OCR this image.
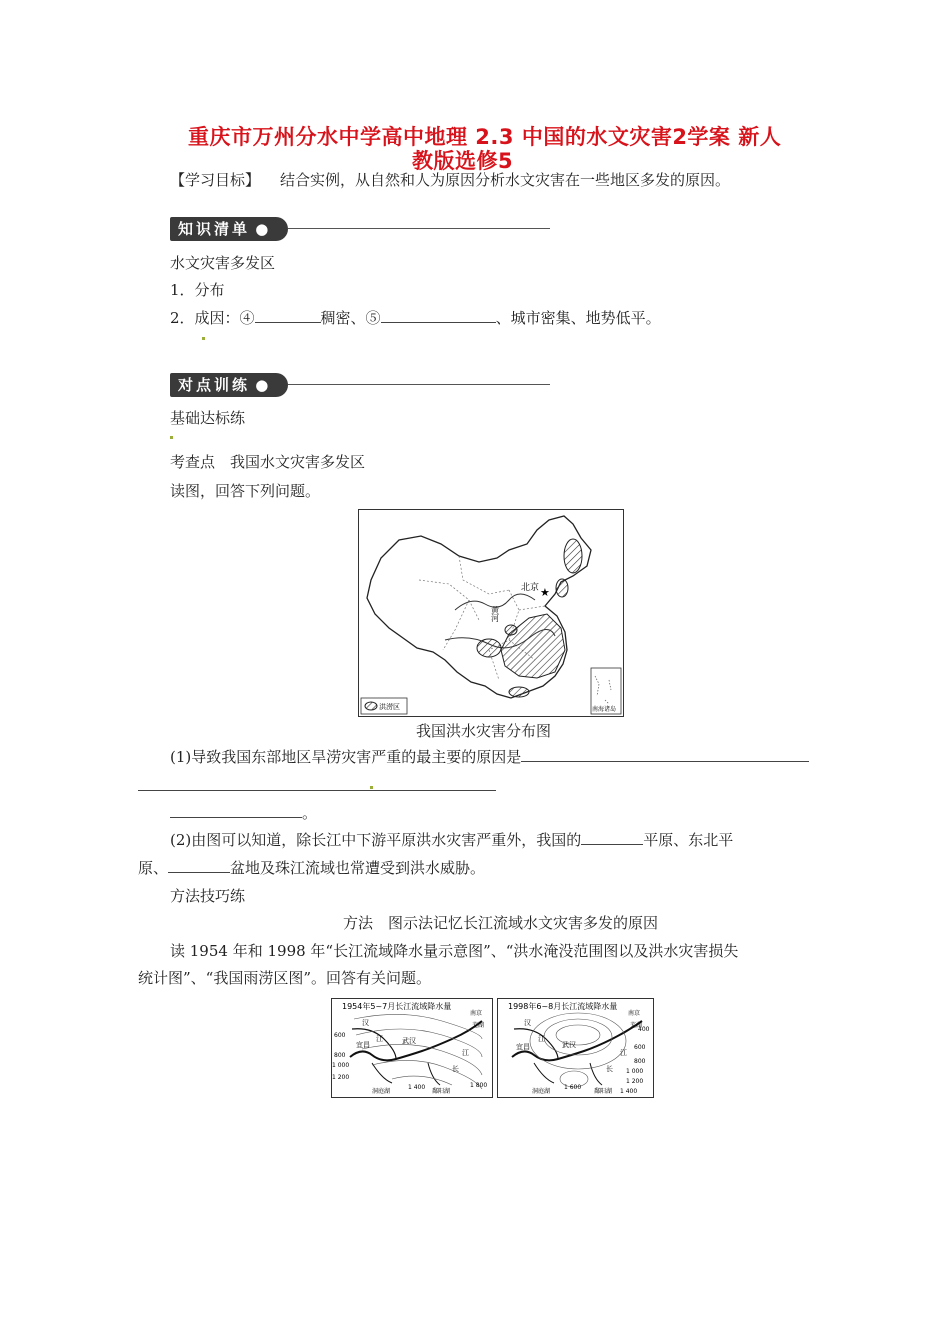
重庆市万州分水中学高中地理 2.3 中国的水文灾害2学案 新人
教版选修5
【学习目标】 结合实例，从自然和人为原因分析水文灾害在一些地区多发的原因。
知识清单 ●
水文灾害多发区
1．分布
2．成因：④	稠密、⑤	、城市密集、地势低平。
对点训练 ●
基础达标练
考查点　我国水文灾害多发区
读图，回答下列问题。
★
北京
黄河
洪涝区	南海诸岛
我国洪水灾害分布图
(1)导致我国东部地区旱涝灾害严重的最主要的原因是
。
(2)由图可以知道，除长江中下游平原洪水灾害严重外，我国的	平原、东北平
原、	盆地及珠江流域也常遭受到洪水威胁。
方法技巧练
方法　图示法记忆长江流域水文灾害多发的原因
读 1954 年和 1998 年“长江流域降水量示意图”、“洪水淹没范围图以及洪水灾害损失
统计图”、“我国雨涝区图”。回答有关问题。
1954年5~7月长江流域降水量
汉
江	武汉
宜昌
长
江
南京
芜湖
洞庭湖	鄱阳湖
600
800
1 000
1 200
1 400	1 800
1998年6~8月长江流域降水量
汉
江
武汉
宜昌
长
江
南京
芜湖
洞庭湖	鄱阳湖
400
600
800
1 000
1 200
1 400
1 600
